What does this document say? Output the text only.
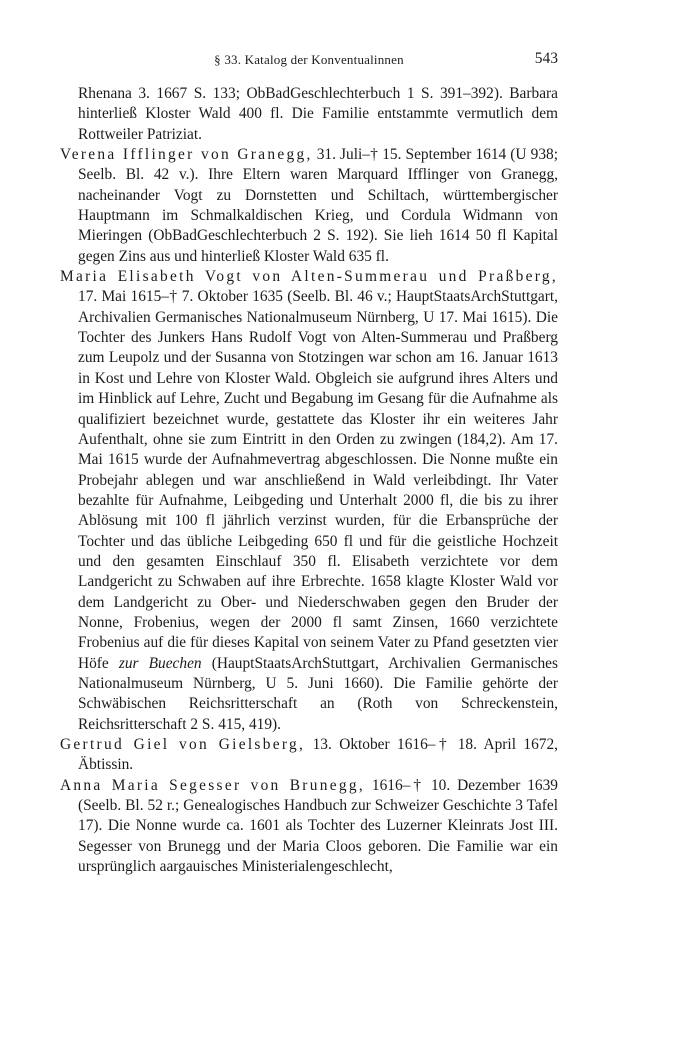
§ 33. Katalog der Konventualinnen	543

Rhenana 3. 1667 S. 133; ObBadGeschlechterbuch 1 S. 391–392). Barbara hinterließ Kloster Wald 400 fl. Die Familie entstammte vermutlich dem Rottweiler Patriziat.

Verena Ifflinger von Granegg, 31. Juli–† 15. September 1614 (U 938; Seelb. Bl. 42 v.). Ihre Eltern waren Marquard Ifflinger von Granegg, nacheinander Vogt zu Dornstetten und Schiltach, württembergischer Hauptmann im Schmalkaldischen Krieg, und Cordula Widmann von Mieringen (ObBadGeschlechterbuch 2 S. 192). Sie lieh 1614 50 fl Kapital gegen Zins aus und hinterließ Kloster Wald 635 fl.

Maria Elisabeth Vogt von Alten-Summerau und Praßberg, 17. Mai 1615–† 7. Oktober 1635 (Seelb. Bl. 46 v.; HauptStaatsArchStuttgart, Archivalien Germanisches Nationalmuseum Nürnberg, U 17. Mai 1615). Die Tochter des Junkers Hans Rudolf Vogt von Alten-Summerau und Praßberg zum Leupolz und der Susanna von Stotzingen war schon am 16. Januar 1613 in Kost und Lehre von Kloster Wald. Obgleich sie aufgrund ihres Alters und im Hinblick auf Lehre, Zucht und Begabung im Gesang für die Aufnahme als qualifiziert bezeichnet wurde, gestattete das Kloster ihr ein weiteres Jahr Aufenthalt, ohne sie zum Eintritt in den Orden zu zwingen (184,2). Am 17. Mai 1615 wurde der Aufnahmevertrag abgeschlossen. Die Nonne mußte ein Probejahr ablegen und war anschließend in Wald verleibdingt. Ihr Vater bezahlte für Aufnahme, Leibgeding und Unterhalt 2000 fl, die bis zu ihrer Ablösung mit 100 fl jährlich verzinst wurden, für die Erbansprüche der Tochter und das übliche Leibgeding 650 fl und für die geistliche Hochzeit und den gesamten Einschlauf 350 fl. Elisabeth verzichtete vor dem Landgericht zu Schwaben auf ihre Erbrechte. 1658 klagte Kloster Wald vor dem Landgericht zu Ober- und Niederschwaben gegen den Bruder der Nonne, Frobenius, wegen der 2000 fl samt Zinsen, 1660 verzichtete Frobenius auf die für dieses Kapital von seinem Vater zu Pfand gesetzten vier Höfe zur Buechen (HauptStaatsArchStuttgart, Archivalien Germanisches Nationalmuseum Nürnberg, U 5. Juni 1660). Die Familie gehörte der Schwäbischen Reichsritterschaft an (Roth von Schreckenstein, Reichsritterschaft 2 S. 415, 419).

Gertrud Giel von Gielsberg, 13. Oktober 1616–† 18. April 1672, Äbtissin.

Anna Maria Segesser von Brunegg, 1616–† 10. Dezember 1639 (Seelb. Bl. 52 r.; Genealogisches Handbuch zur Schweizer Geschichte 3 Tafel 17). Die Nonne wurde ca. 1601 als Tochter des Luzerner Kleinrats Jost III. Segesser von Brunegg und der Maria Cloos geboren. Die Familie war ein ursprünglich aargauisches Ministerialengeschlecht,
